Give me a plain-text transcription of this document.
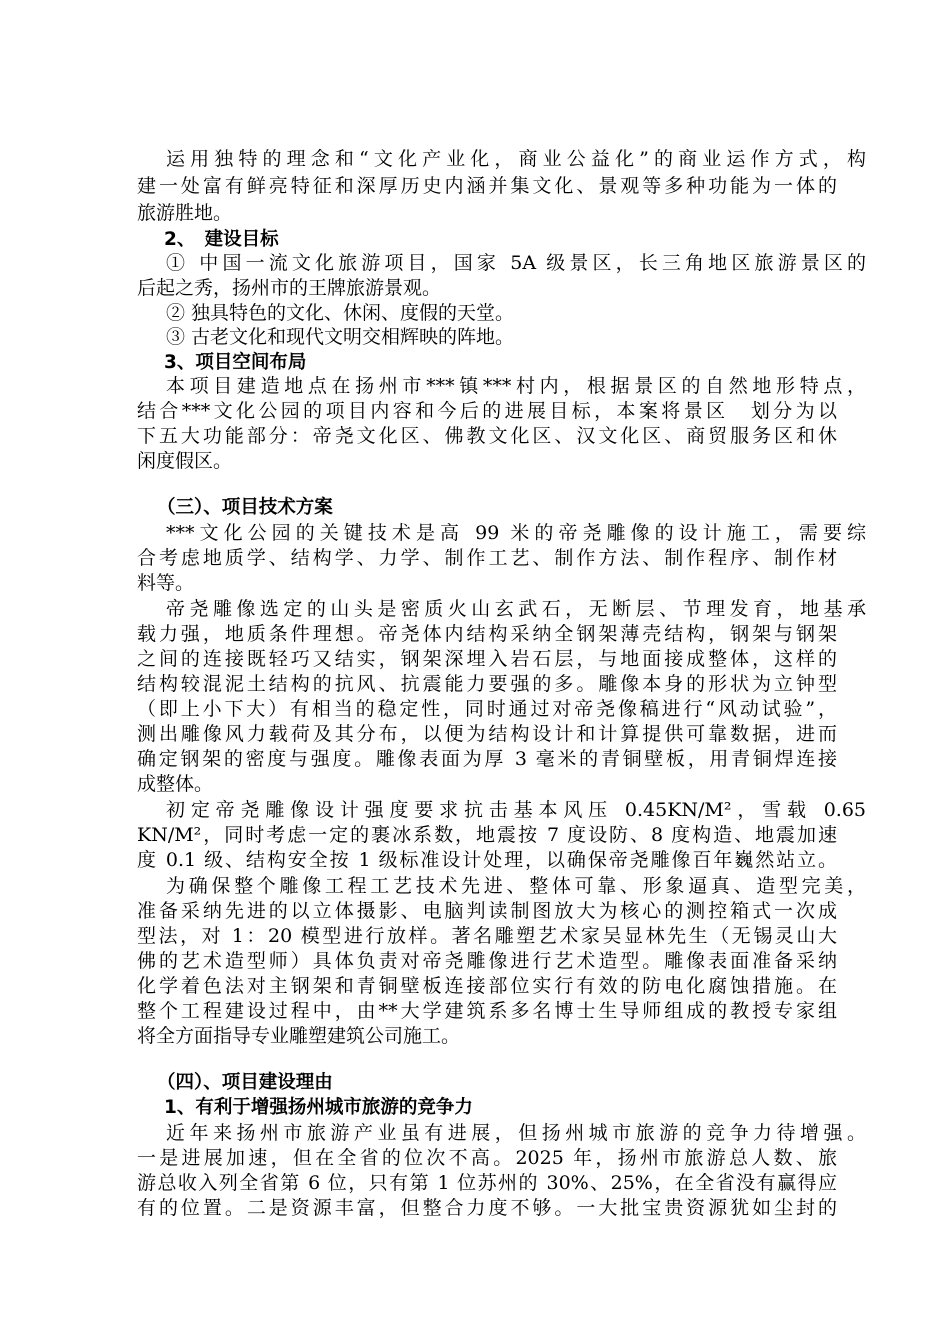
运用独特的理念和“文化产业化，商业公益化”的商业运作方式，构
建一处富有鲜亮特征和深厚历史内涵并集文化、景观等多种功能为一体的
旅游胜地。
2、　建设目标
① 中国一流文化旅游项目，国家 5A 级景区，长三角地区旅游景区的
后起之秀，扬州市的王牌旅游景观。
② 独具特色的文化、休闲、度假的天堂。
③ 古老文化和现代文明交相辉映的阵地。
3、项目空间布局
本项目建造地点在扬州市***镇***村内，根据景区的自然地形特点，
结合***文化公园的项目内容和今后的进展目标，本案将景区　划分为以
下五大功能部分：帝尧文化区、佛教文化区、汉文化区、商贸服务区和休
闲度假区。
（三）、项目技术方案
***文化公园的关键技术是高 99 米的帝尧雕像的设计施工，需要综
合考虑地质学、结构学、力学、制作工艺、制作方法、制作程序、制作材
料等。
帝尧雕像选定的山头是密质火山玄武石，无断层、节理发育，地基承
载力强，地质条件理想。帝尧体内结构采纳全钢架薄壳结构，钢架与钢架
之间的连接既轻巧又结实，钢架深埋入岩石层，与地面接成整体，这样的
结构较混泥土结构的抗风、抗震能力要强的多。雕像本身的形状为立钟型
（即上小下大）有相当的稳定性，同时通过对帝尧像稿进行“风动试验”，
测出雕像风力载荷及其分布，以便为结构设计和计算提供可靠数据，进而
确定钢架的密度与强度。雕像表面为厚 3 毫米的青铜壁板，用青铜焊连接
成整体。
初定帝尧雕像设计强度要求抗击基本风压 0.45KN/M²，雪载 0.65
KN/M²，同时考虑一定的裹冰系数，地震按 7 度设防、8 度构造、地震加速
度 0.1 级、结构安全按 1 级标准设计处理，以确保帝尧雕像百年巍然站立。
为确保整个雕像工程工艺技术先进、整体可靠、形象逼真、造型完美，
准备采纳先进的以立体摄影、电脑判读制图放大为核心的测控箱式一次成
型法，对 1：20 模型进行放样。著名雕塑艺术家吴显林先生（无锡灵山大
佛的艺术造型师）具体负责对帝尧雕像进行艺术造型。雕像表面准备采纳
化学着色法对主钢架和青铜壁板连接部位实行有效的防电化腐蚀措施。在
整个工程建设过程中，由**大学建筑系多名博士生导师组成的教授专家组
将全方面指导专业雕塑建筑公司施工。
（四）、项目建设理由
1、有利于增强扬州城市旅游的竞争力
近年来扬州市旅游产业虽有进展，但扬州城市旅游的竞争力待增强。
一是进展加速，但在全省的位次不高。2025 年，扬州市旅游总人数、旅
游总收入列全省第 6 位，只有第 1 位苏州的 30%、25%，在全省没有赢得应
有的位置。二是资源丰富，但整合力度不够。一大批宝贵资源犹如尘封的
